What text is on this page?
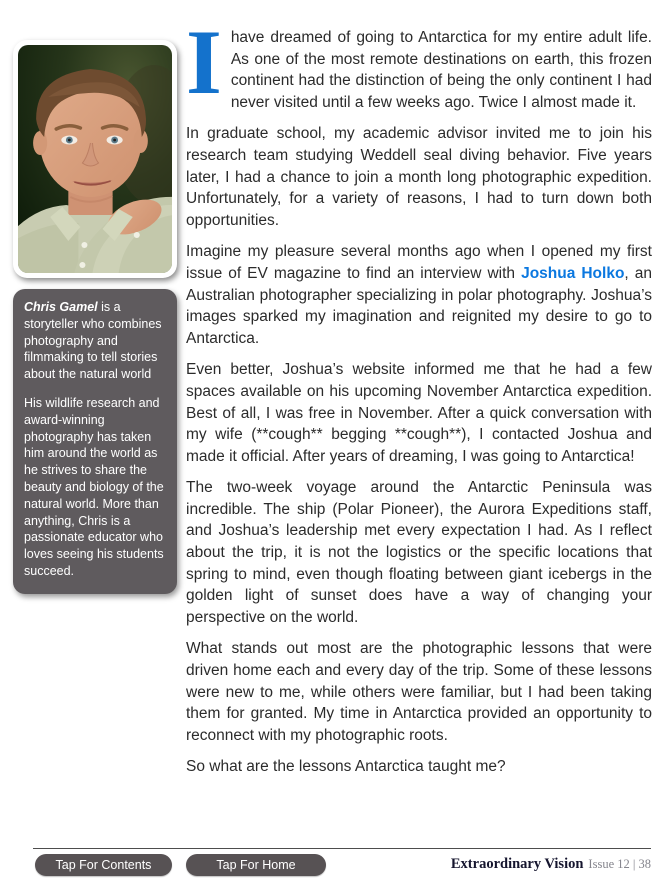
Chris Gamel is a storyteller who combines photography and filmmaking to tell stories about the natural world

His wildlife research and award-winning photography has taken him around the world as he strives to share the beauty and biology of the natural world. More than anything, Chris is a passionate educator who loves seeing his students succeed.

Ihave dreamed of going to Antarctica for my entire adult life. As one of the most remote destinations on earth, this frozen continent had the distinction of being the only continent I had never visited until a few weeks ago. Twice I almost made it.

In graduate school, my academic advisor invited me to join his research team studying Weddell seal diving behavior. Five years later, I had a chance to join a month long photographic expedition. Unfortunately, for a variety of reasons, I had to turn down both opportunities.

Imagine my pleasure several months ago when I opened my first issue of EV magazine to find an interview with Joshua Holko, an Australian photographer specializing in polar photography. Joshua’s images sparked my imagination and reignited my desire to go to Antarctica.

Even better, Joshua’s website informed me that he had a few spaces available on his upcoming November Antarctica expedition. Best of all, I was free in November. After a quick conversation with my wife (**cough** begging **cough**), I contacted Joshua and made it official. After years of dreaming, I was going to Antarctica!

The two-week voyage around the Antarctic Peninsula was incredible. The ship (Polar Pioneer), the Aurora Expeditions staff, and Joshua’s leadership met every expectation I had. As I reflect about the trip, it is not the logistics or the specific locations that spring to mind, even though floating between giant icebergs in the golden light of sunset does have a way of changing your perspective on the world.

What stands out most are the photographic lessons that were driven home each and every day of the trip. Some of these lessons were new to me, while others were familiar, but I had been taking them for granted. My time in Antarctica provided an opportunity to reconnect with my photographic roots.

So what are the lessons Antarctica taught me?

Tap For Contents	Tap For Home	Extraordinary Vision Issue 12 | 38
